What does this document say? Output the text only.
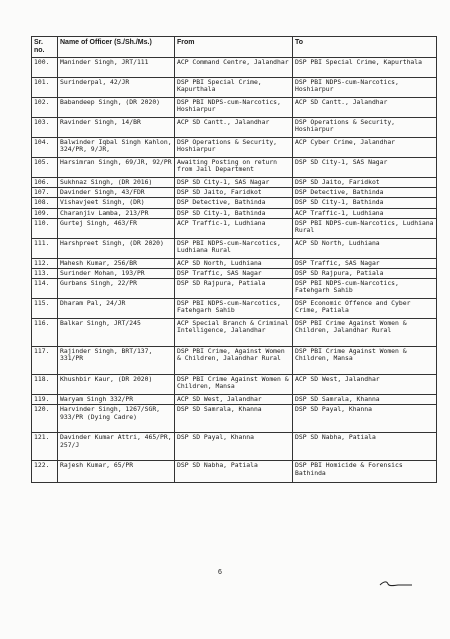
Sr. no.	Name of Officer (S./Sh./Ms.)	From	To
100.	Maninder Singh, JRT/111	ACP Command Centre, Jalandhar	DSP PBI Special Crime, Kapurthala
101.	Surinderpal, 42/JR	DSP PBI Special Crime, Kapurthala	DSP PBI NDPS-cum-Narcotics, Hoshiarpur
102.	Babandeep Singh, (DR 2020)	DSP PBI NDPS-cum-Narcotics, Hoshiarpur	ACP SD Cantt., Jalandhar
103.	Ravinder Singh, 14/BR	ACP SD Cantt., Jalandhar	DSP Operations & Security, Hoshiarpur
104.	Balwinder Iqbal Singh Kahlon, 324/PR, 9/JR,	DSP Operations & Security, Hoshiarpur	ACP Cyber Crime, Jalandhar
105.	Harsimran Singh, 69/JR, 92/PR	Awaiting Posting on return from Jail Department	DSP SD City-1, SAS Nagar
106.	Sukhnaz Singh, (DR 2016)	DSP SD City-1, SAS Nagar	DSP SD Jaito, Faridkot
107.	Davinder Singh, 43/FDR	DSP SD Jaito, Faridkot	DSP Detective, Bathinda
108.	Vishavjeet Singh, (DR)	DSP Detective, Bathinda	DSP SD City-1, Bathinda
109.	Charanjiv Lamba, 213/PR	DSP SD City-1, Bathinda	ACP Traffic-1, Ludhiana
110.	Gurtej Singh, 463/FR	ACP Traffic-1, Ludhiana	DSP PBI NDPS-cum-Narcotics, Ludhiana Rural
111.	Harshpreet Singh, (DR 2020)	DSP PBI NDPS-cum-Narcotics, Ludhiana Rural	ACP SD North, Ludhiana
112.	Mahesh Kumar, 256/BR	ACP SD North, Ludhiana	DSP Traffic, SAS Nagar
113.	Surinder Mohan, 193/PR	DSP Traffic, SAS Nagar	DSP SD Rajpura, Patiala
114.	Gurbans Singh, 22/PR	DSP SD Rajpura, Patiala	DSP PBI NDPS-cum-Narcotics, Fatehgarh Sahib
115.	Dharam Pal, 24/JR	DSP PBI NDPS-cum-Narcotics, Fatehgarh Sahib	DSP Economic Offence and Cyber Crime, Patiala
116.	Balkar Singh, JRT/245	ACP Special Branch & Criminal Intelligence, Jalandhar	DSP PBI Crime Against Women & Children, Jalandhar Rural
117.	Rajinder Singh, BRT/137, 331/PR	DSP PBI Crime, Against Women & Children, Jalandhar Rural	DSP PBI Crime Against Women & Children, Mansa
118.	Khushbir Kaur, (DR 2020)	DSP PBI Crime Against Women & Children, Mansa	ACP SD West, Jalandhar
119.	Waryam Singh 332/PR	ACP SD West, Jalandhar	DSP SD Samrala, Khanna
120.	Harvinder Singh, 1267/SGR, 933/PR (Dying Cadre)	DSP SD Samrala, Khanna	DSP SD Payal, Khanna
121.	Davinder Kumar Attri, 465/PR, 257/J	DSP SD Payal, Khanna	DSP SD Nabha, Patiala
122.	Rajesh Kumar, 65/PR	DSP SD Nabha, Patiala	DSP PBI Homicide & Forensics Bathinda
6
